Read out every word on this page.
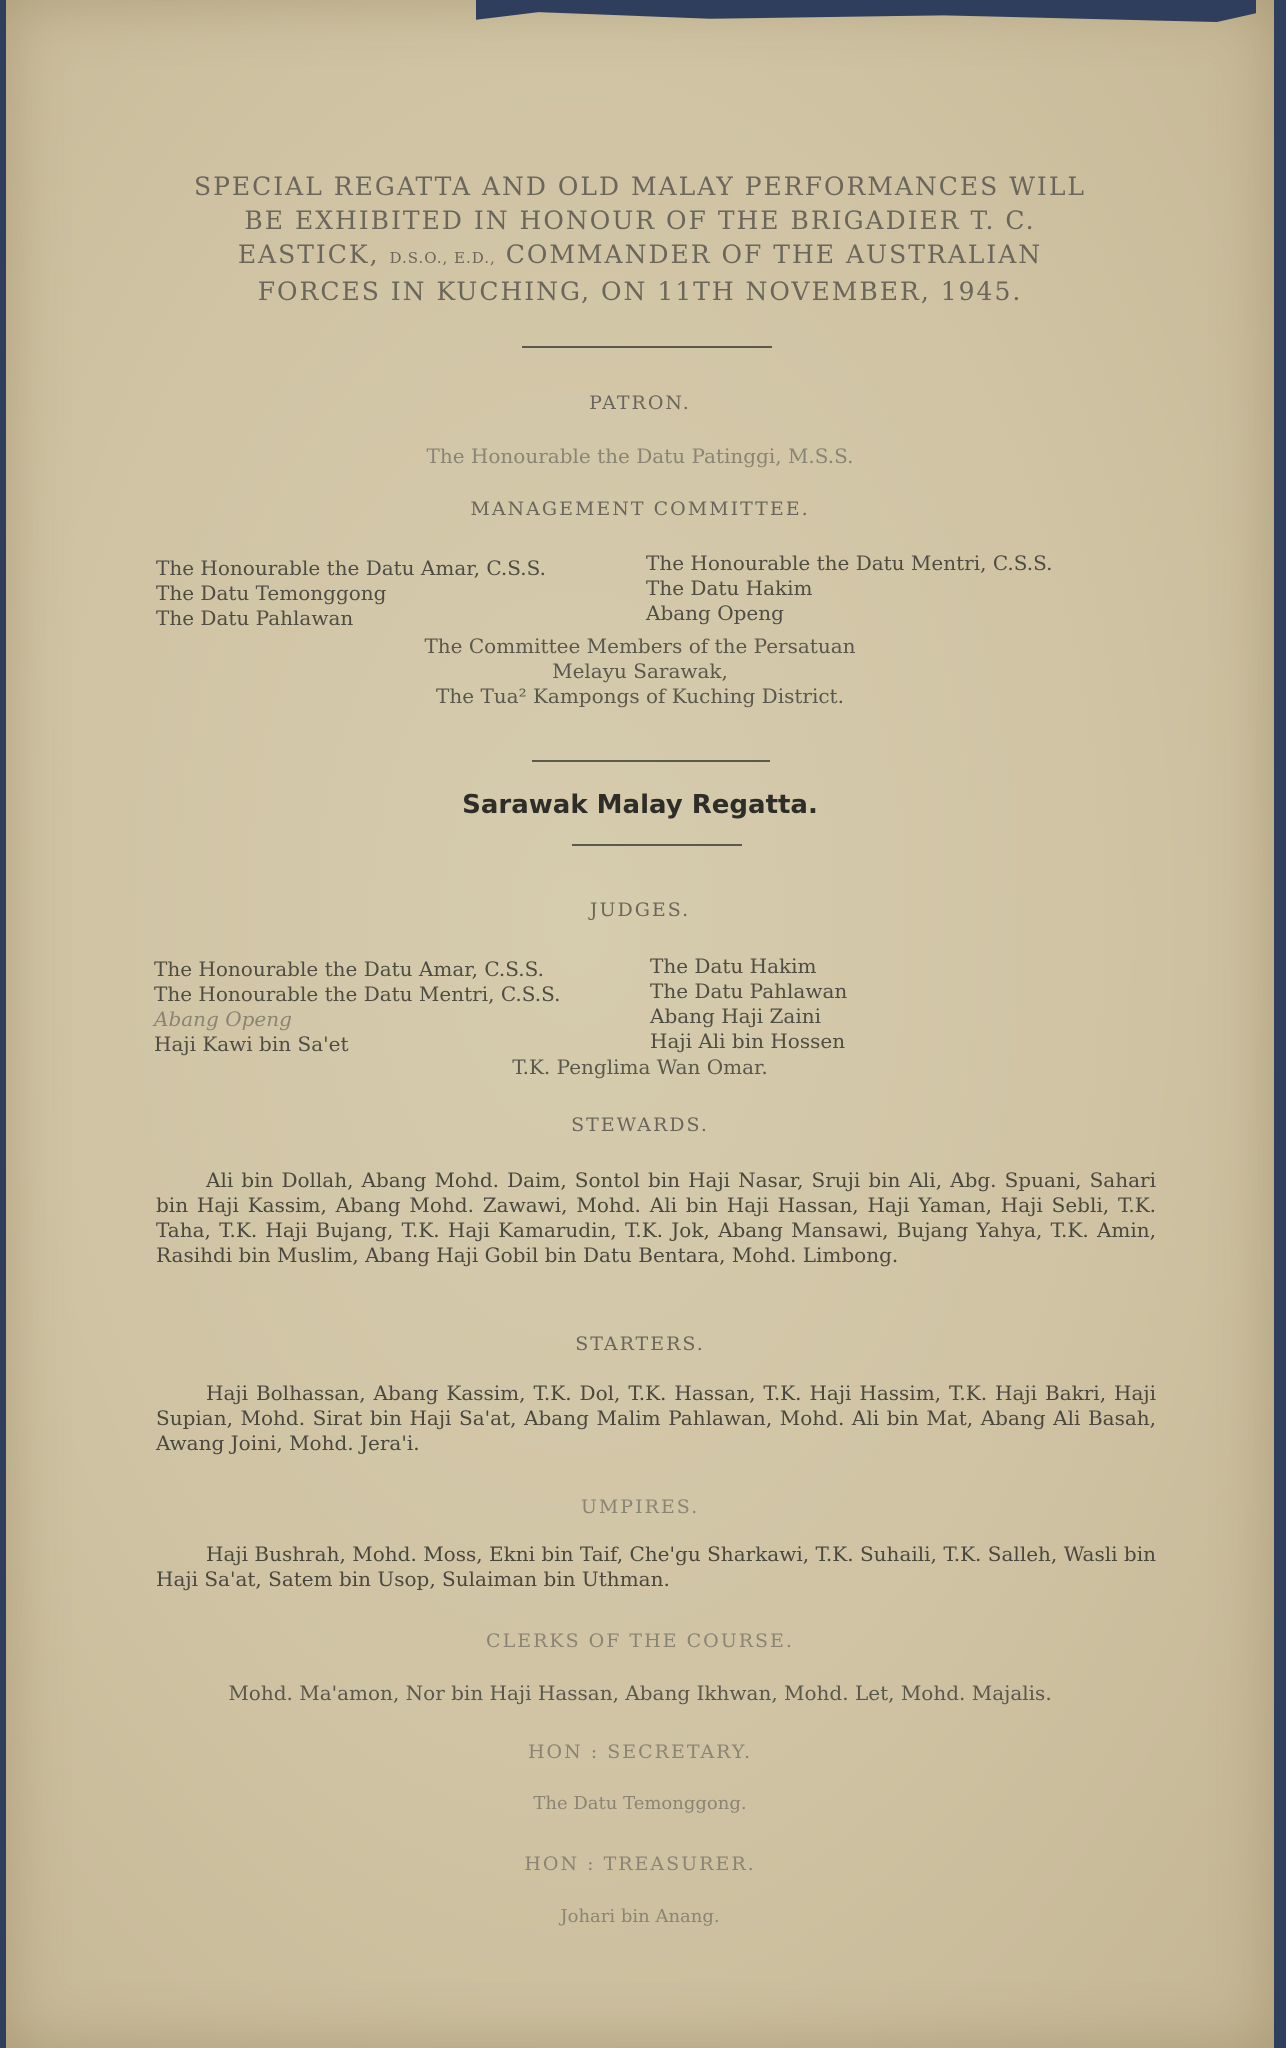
SPECIAL REGATTA AND OLD MALAY PERFORMANCES WILL
BE EXHIBITED IN HONOUR OF THE BRIGADIER T. C.
EASTICK, D.S.O., E.D., COMMANDER OF THE AUSTRALIAN
FORCES IN KUCHING, ON 11TH NOVEMBER, 1945.
PATRON.
The Honourable the Datu Patinggi, M.S.S.
MANAGEMENT COMMITTEE.
The Honourable the Datu Amar, C.S.S.
The Datu Temonggong
The Datu Pahlawan
The Honourable the Datu Mentri, C.S.S.
The Datu Hakim
Abang Openg
The Committee Members of the Persatuan
Melayu Sarawak,
The Tua² Kampongs of Kuching District.
Sarawak Malay Regatta.
JUDGES.
The Honourable the Datu Amar, C.S.S.
The Honourable the Datu Mentri, C.S.S.
Abang Openg
Haji Kawi bin Sa'et
The Datu Hakim
The Datu Pahlawan
Abang Haji Zaini
Haji Ali bin Hossen
T.K. Penglima Wan Omar.
STEWARDS.
Ali bin Dollah, Abang Mohd. Daim, Sontol bin Haji Nasar, Sruji bin Ali, Abg. Spuani, Sahari bin Haji Kassim, Abang Mohd. Zawawi, Mohd. Ali bin Haji Hassan, Haji Yaman, Haji Sebli, T.K. Taha, T.K. Haji Bujang, T.K. Haji Kamarudin, T.K. Jok, Abang Mansawi, Bujang Yahya, T.K. Amin, Rasihdi bin Muslim, Abang Haji Gobil bin Datu Bentara, Mohd. Limbong.
STARTERS.
Haji Bolhassan, Abang Kassim, T.K. Dol, T.K. Hassan, T.K. Haji Hassim, T.K. Haji Bakri, Haji Supian, Mohd. Sirat bin Haji Sa'at, Abang Malim Pahlawan, Mohd. Ali bin Mat, Abang Ali Basah, Awang Joini, Mohd. Jera'i.
UMPIRES.
Haji Bushrah, Mohd. Moss, Ekni bin Taif, Che'gu Sharkawi, T.K. Suhaili, T.K. Salleh, Wasli bin Haji Sa'at, Satem bin Usop, Sulaiman bin Uthman.
CLERKS OF THE COURSE.
Mohd. Ma'amon, Nor bin Haji Hassan, Abang Ikhwan, Mohd. Let, Mohd. Majalis.
HON : SECRETARY.
The Datu Temonggong.
HON : TREASURER.
Johari bin Anang.
